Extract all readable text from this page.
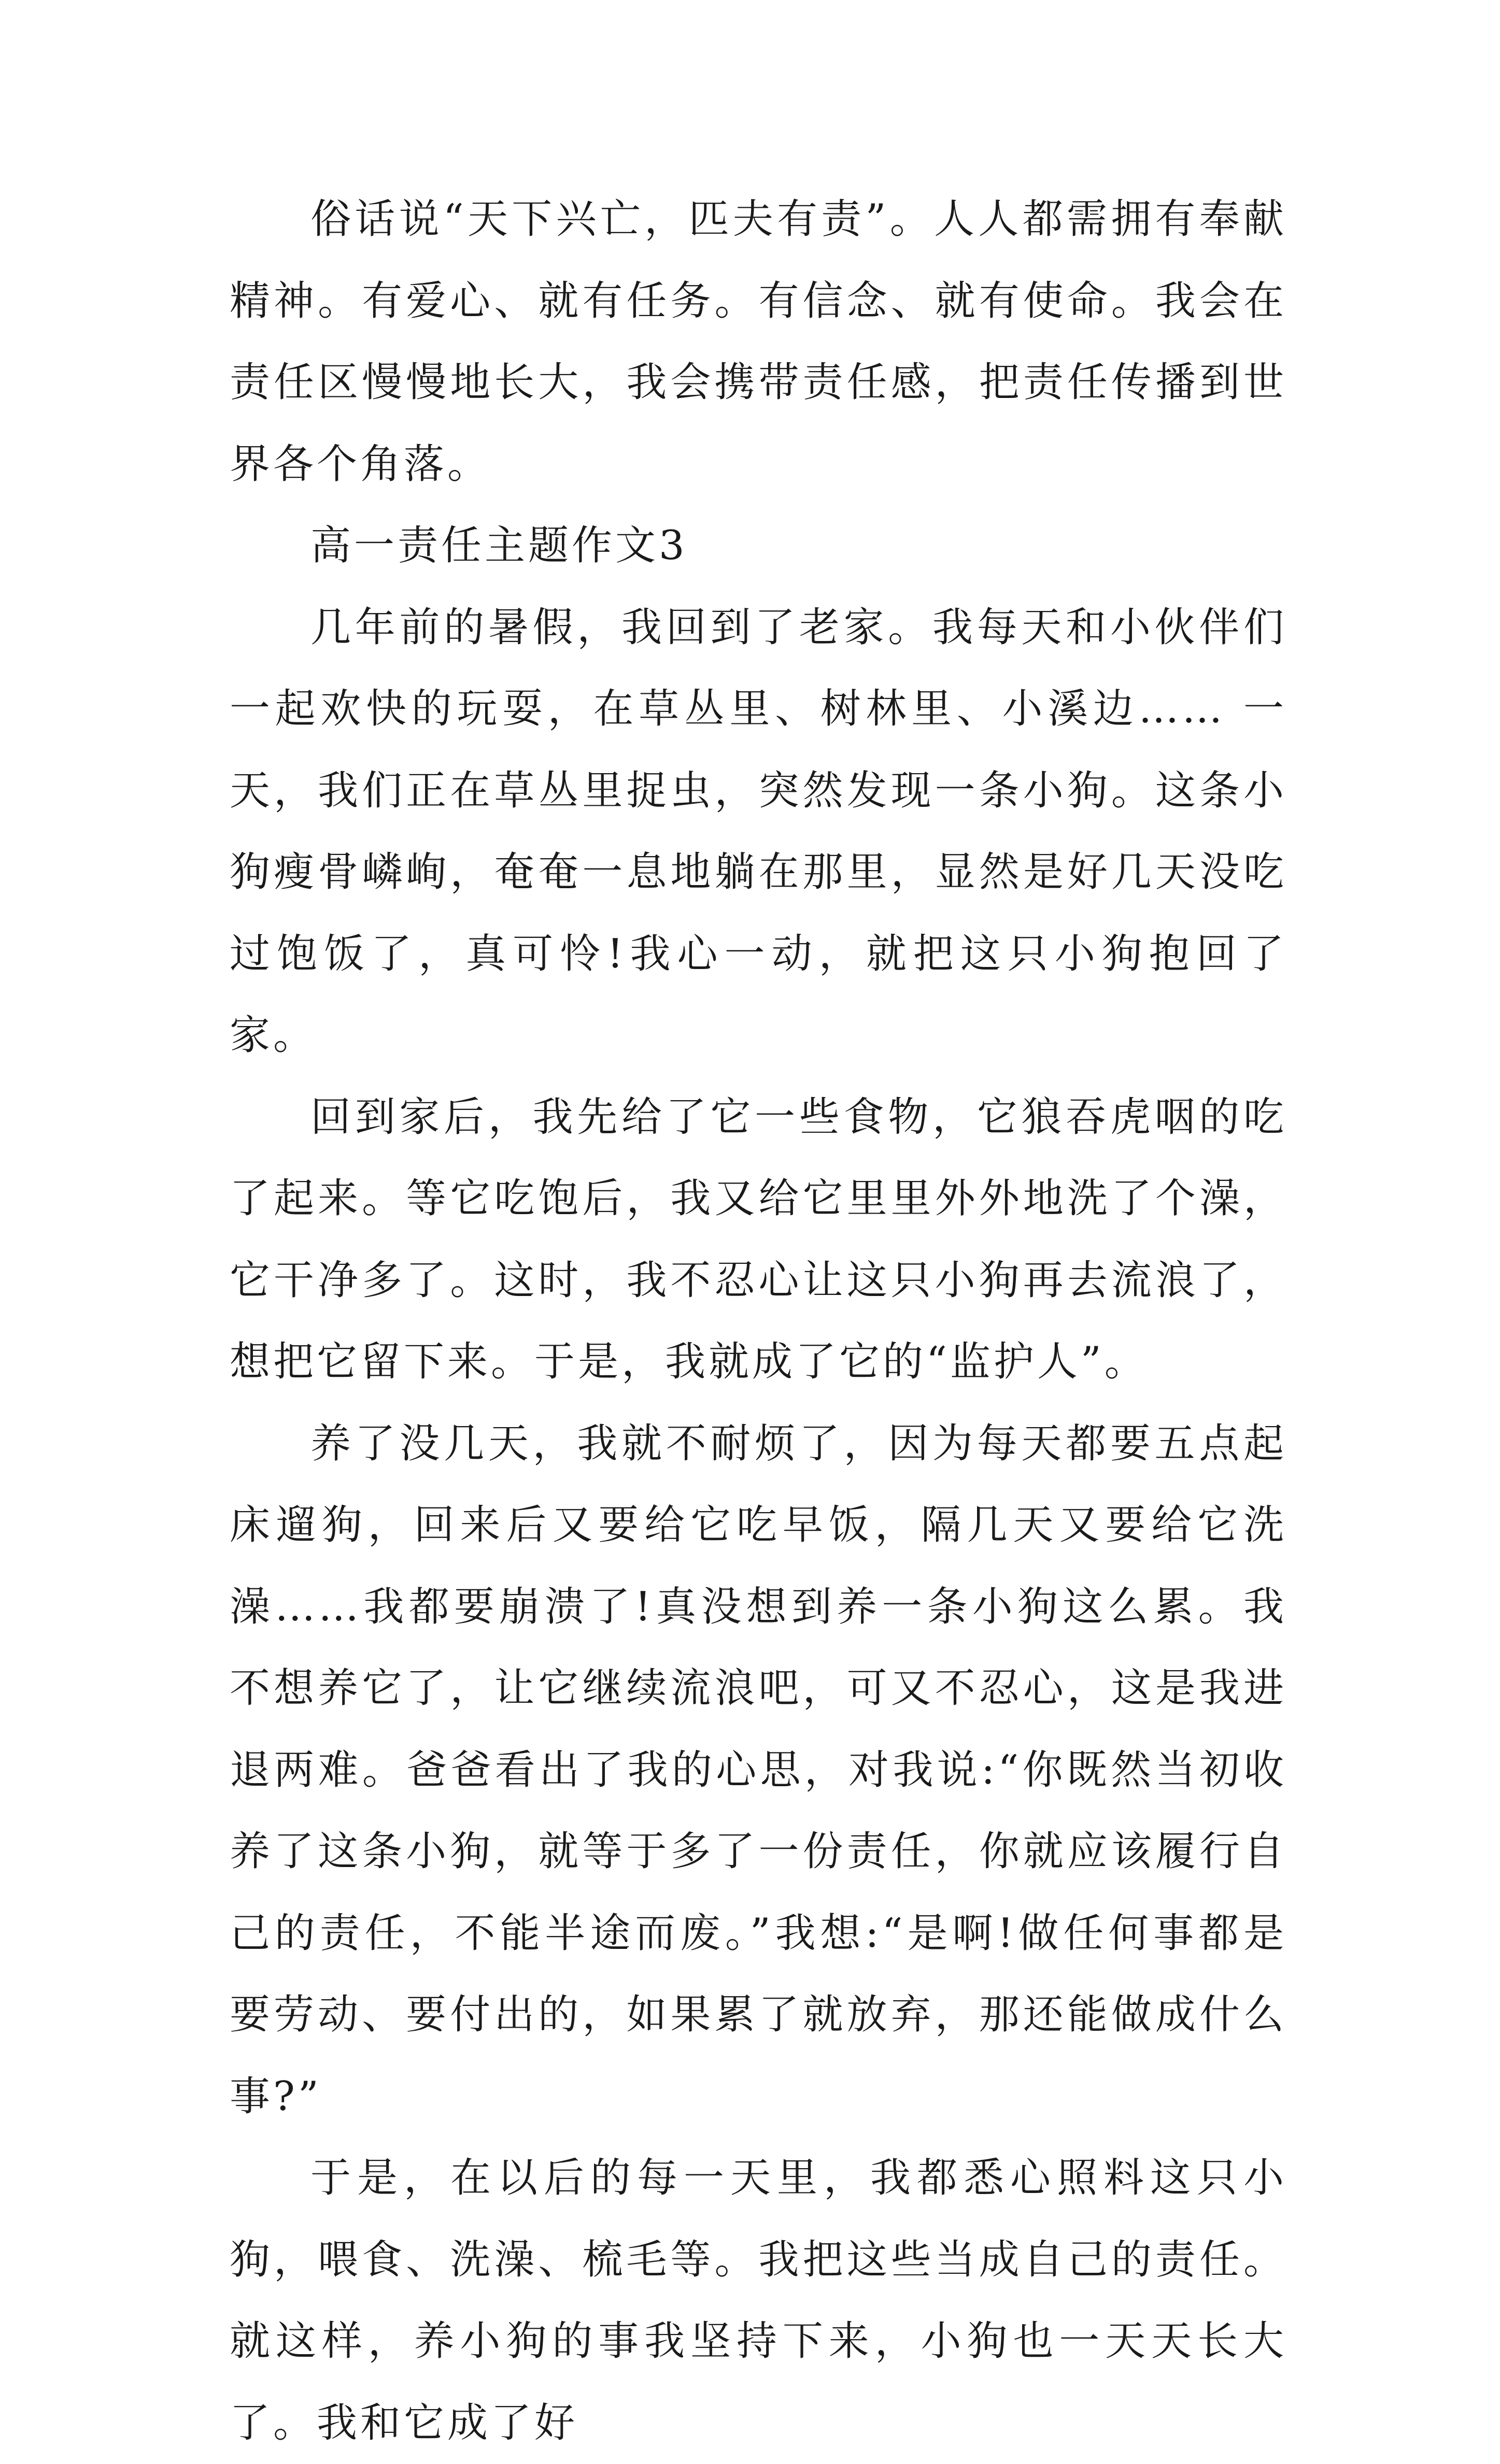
俗话说“天下兴亡，匹夫有责”。人人都需拥有奉献精神。有爱心、就有任务。有信念、就有使命。我会在责任区慢慢地长大，我会携带责任感，把责任传播到世界各个角落。

高一责任主题作文3

几年前的暑假，我回到了老家。我每天和小伙伴们一起欢快的玩耍，在草丛里、树林里、小溪边…… 一天，我们正在草丛里捉虫，突然发现一条小狗。这条小狗瘦骨嶙峋，奄奄一息地躺在那里，显然是好几天没吃过饱饭了，真可怜!我心一动，就把这只小狗抱回了家。

回到家后，我先给了它一些食物，它狼吞虎咽的吃了起来。等它吃饱后，我又给它里里外外地洗了个澡，它干净多了。这时，我不忍心让这只小狗再去流浪了，想把它留下来。于是，我就成了它的“监护人”。

养了没几天，我就不耐烦了，因为每天都要五点起床遛狗，回来后又要给它吃早饭，隔几天又要给它洗澡……我都要崩溃了!真没想到养一条小狗这么累。我不想养它了，让它继续流浪吧，可又不忍心，这是我进退两难。爸爸看出了我的心思，对我说:“你既然当初收养了这条小狗，就等于多了一份责任，你就应该履行自己的责任，不能半途而废。”我想:“是啊!做任何事都是要劳动、要付出的，如果累了就放弃，那还能做成什么事?”

于是，在以后的每一天里，我都悉心照料这只小狗，喂食、洗澡、梳毛等。我把这些当成自己的责任。就这样，养小狗的事我坚持下来，小狗也一天天长大了。我和它成了好
